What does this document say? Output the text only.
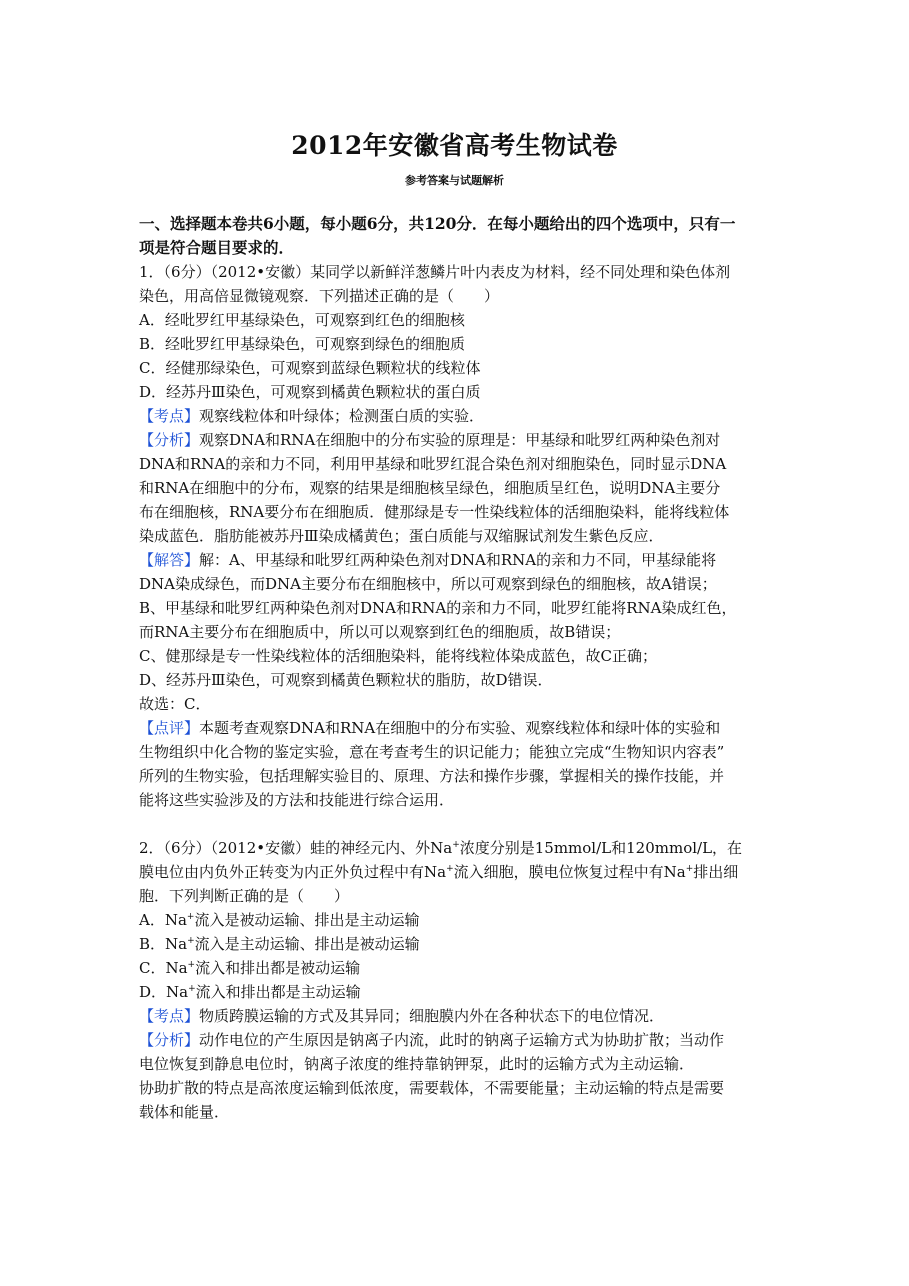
2012年安徽省高考生物试卷
参考答案与试题解析

一、选择题本卷共6小题，每小题6分，共120分．在每小题给出的四个选项中，只有一

项是符合题目要求的．

1．（6分）（2012•安徽）某同学以新鲜洋葱鳞片叶内表皮为材料，经不同处理和染色体剂

染色，用高倍显微镜观察．下列描述正确的是（　　）

A．经吡罗红甲基绿染色，可观察到红色的细胞核

B．经吡罗红甲基绿染色，可观察到绿色的细胞质

C．经健那绿染色，可观察到蓝绿色颗粒状的线粒体

D．经苏丹Ⅲ染色，可观察到橘黄色颗粒状的蛋白质

【考点】观察线粒体和叶绿体；检测蛋白质的实验．

【分析】观察DNA和RNA在细胞中的分布实验的原理是：甲基绿和吡罗红两种染色剂对

DNA和RNA的亲和力不同，利用甲基绿和吡罗红混合染色剂对细胞染色，同时显示DNA

和RNA在细胞中的分布，观察的结果是细胞核呈绿色，细胞质呈红色，说明DNA主要分

布在细胞核，RNA要分布在细胞质．健那绿是专一性染线粒体的活细胞染料，能将线粒体

染成蓝色．脂肪能被苏丹Ⅲ染成橘黄色；蛋白质能与双缩脲试剂发生紫色反应．

【解答】解：A、甲基绿和吡罗红两种染色剂对DNA和RNA的亲和力不同，甲基绿能将

DNA染成绿色，而DNA主要分布在细胞核中，所以可观察到绿色的细胞核，故A错误；

B、甲基绿和吡罗红两种染色剂对DNA和RNA的亲和力不同，吡罗红能将RNA染成红色，

而RNA主要分布在细胞质中，所以可以观察到红色的细胞质，故B错误；

C、健那绿是专一性染线粒体的活细胞染料，能将线粒体染成蓝色，故C正确；

D、经苏丹Ⅲ染色，可观察到橘黄色颗粒状的脂肪，故D错误．

故选：C．

【点评】本题考查观察DNA和RNA在细胞中的分布实验、观察线粒体和绿叶体的实验和

生物组织中化合物的鉴定实验，意在考查考生的识记能力；能独立完成“生物知识内容表”

所列的生物实验，包括理解实验目的、原理、方法和操作步骤，掌握相关的操作技能，并

能将这些实验涉及的方法和技能进行综合运用．

2．（6分）（2012•安徽）蛙的神经元内、外Na+浓度分别是15mmol/L和120mmol/L，在

膜电位由内负外正转变为内正外负过程中有Na+流入细胞，膜电位恢复过程中有Na+排出细

胞．下列判断正确的是（　　）

A．Na+流入是被动运输、排出是主动运输

B．Na+流入是主动运输、排出是被动运输

C．Na+流入和排出都是被动运输

D．Na+流入和排出都是主动运输

【考点】物质跨膜运输的方式及其异同；细胞膜内外在各种状态下的电位情况．

【分析】动作电位的产生原因是钠离子内流，此时的钠离子运输方式为协助扩散；当动作

电位恢复到静息电位时，钠离子浓度的维持靠钠钾泵，此时的运输方式为主动运输．

协助扩散的特点是高浓度运输到低浓度，需要载体，不需要能量；主动运输的特点是需要

载体和能量．
